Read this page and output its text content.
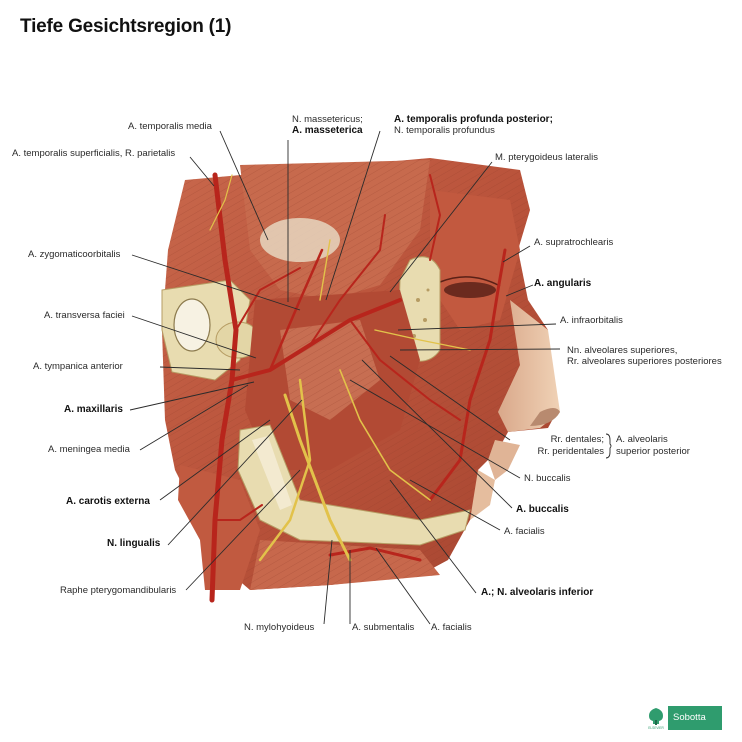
Tiefe Gesichtsregion (1)
A. temporalis media
A. temporalis superficialis, R. parietalis
N. massetericus;
A. masseterica
A. temporalis profunda posterior;
N. temporalis profundus
M. pterygoideus lateralis
A. supratrochlearis
A. zygomaticoorbitalis
A. angularis
A. transversa faciei	A. infraorbitalis
A. tympanica anterior
Nn. alveolares superiores,
Rr. alveolares superiores posteriores
A. maxillaris
Rr. dentales;
Rr. peridentales
A. alveolaris
superior posterior
A. meningea media
N. buccalis
A. carotis externa
A. buccalis
A. facialis
N. lingualis
A.; N. alveolaris inferior
Raphe pterygomandibularis
N. mylohyoideus	A. submentalis A. facialis
ELSEVIER
Sobotta
